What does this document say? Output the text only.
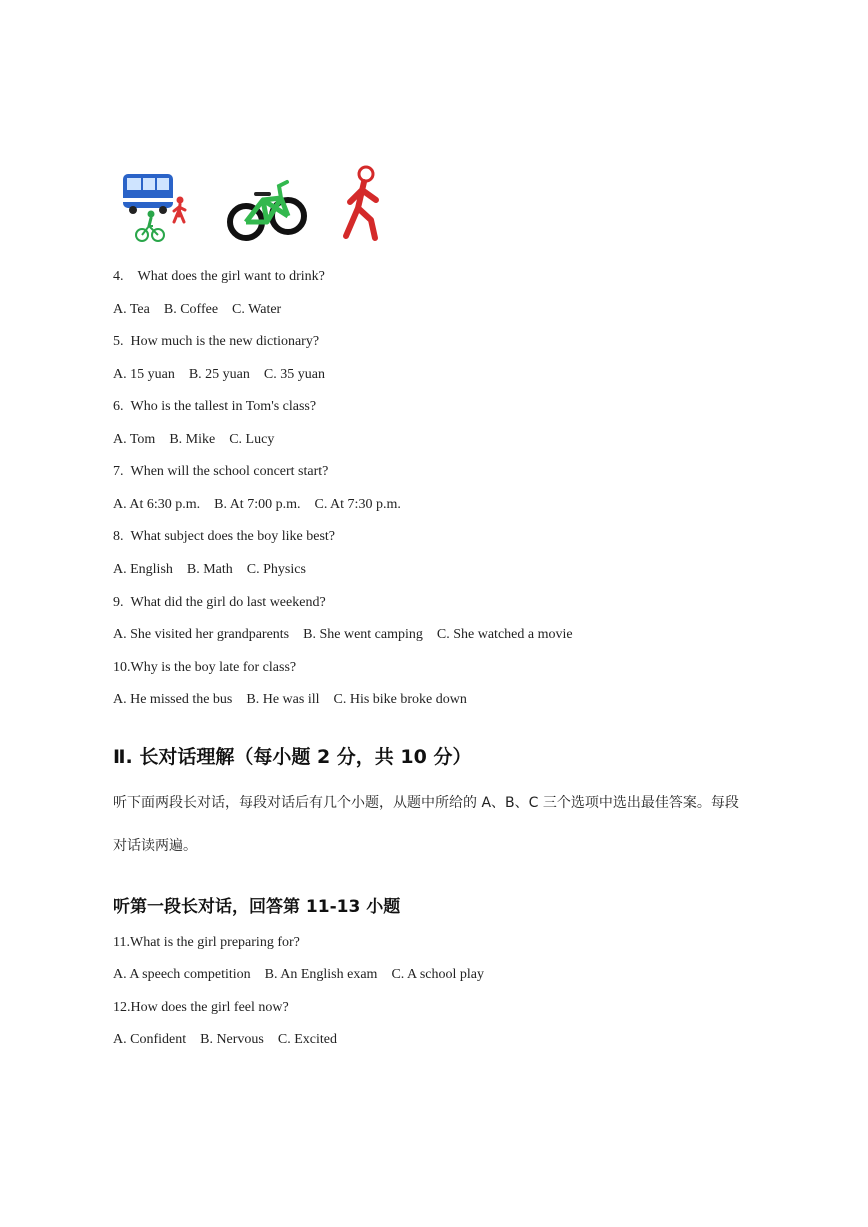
4.    What does the girl want to drink?

A. Tea B. Coffee C. Water

5.  How much is the new dictionary?

A. 15 yuan B. 25 yuan C. 35 yuan

6.  Who is the tallest in Tom's class?

A. Tom B. Mike C. Lucy

7.  When will the school concert start?

A. At 6:30 p.m. B. At 7:00 p.m. C. At 7:30 p.m.

8.  What subject does the boy like best?

A. English B. Math C. Physics

9.  What did the girl do last weekend?

A. She visited her grandparents B. She went camping C. She watched a movie

10.Why is the boy late for class?

A. He missed the bus B. He was ill C. His bike broke down

Ⅱ. 长对话理解（每小题 2 分，共 10 分）

听下面两段长对话，每段对话后有几个小题，从题中所给的 A、B、C 三个选项中选出最佳答案。每段

对话读两遍。

听第一段长对话，回答第 11-13 小题

11.What is the girl preparing for?

A. A speech competition B. An English exam C. A school play

12.How does the girl feel now?

A. Confident B. Nervous C. Excited
